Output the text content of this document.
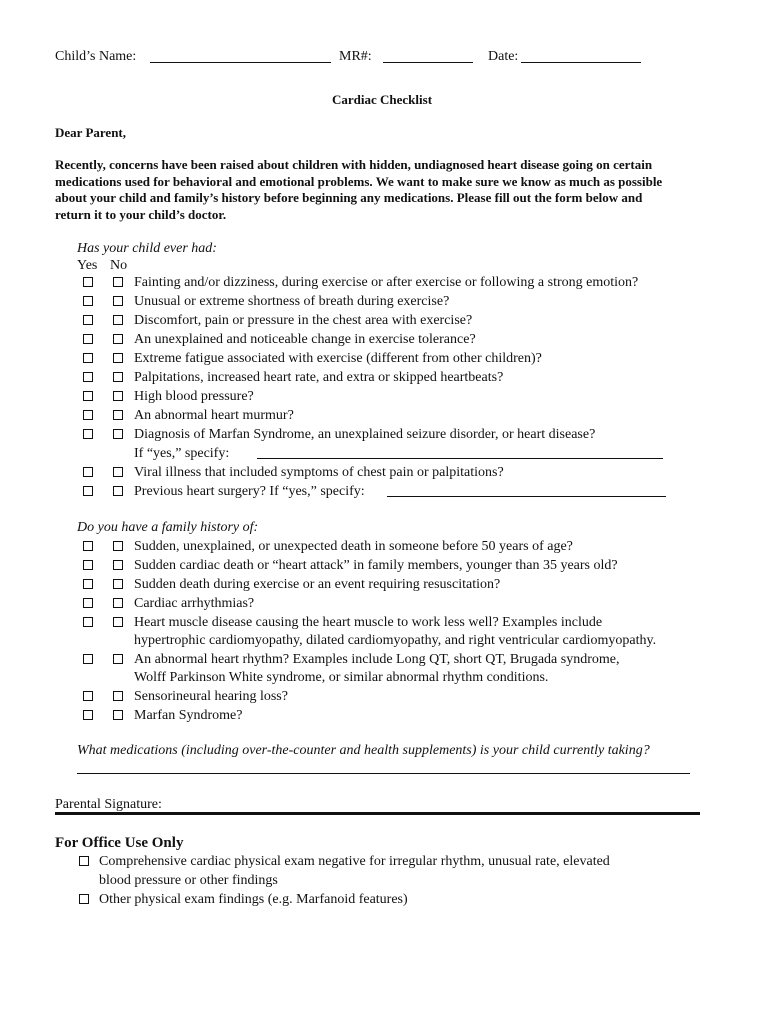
Child’s Name:	MR#:	Date:
Cardiac Checklist
Dear Parent,
Recently, concerns have been raised about children with hidden, undiagnosed heart disease going on certain
medications used for behavioral and emotional problems. We want to make sure we know as much as possible
about your child and family’s history before beginning any medications. Please fill out the form below and
return it to your child’s doctor.
Has your child ever had:
Yes No
Fainting and/or dizziness, during exercise or after exercise or following a strong emotion?
Unusual or extreme shortness of breath during exercise?
Discomfort, pain or pressure in the chest area with exercise?
An unexplained and noticeable change in exercise tolerance?
Extreme fatigue associated with exercise (different from other children)?
Palpitations, increased heart rate, and extra or skipped heartbeats?
High blood pressure?
An abnormal heart murmur?
Diagnosis of Marfan Syndrome, an unexplained seizure disorder, or heart disease?
If “yes,” specify:
Viral illness that included symptoms of chest pain or palpitations?
Previous heart surgery? If “yes,” specify:
Do you have a family history of:
Sudden, unexplained, or unexpected death in someone before 50 years of age?
Sudden cardiac death or “heart attack” in family members, younger than 35 years old?
Sudden death during exercise or an event requiring resuscitation?
Cardiac arrhythmias?
Heart muscle disease causing the heart muscle to work less well? Examples include
hypertrophic cardiomyopathy, dilated cardiomyopathy, and right ventricular cardiomyopathy.
An abnormal heart rhythm? Examples include Long QT, short QT, Brugada syndrome,
Wolff Parkinson White syndrome, or similar abnormal rhythm conditions.
Sensorineural hearing loss?
Marfan Syndrome?
What medications (including over-the-counter and health supplements) is your child currently taking?
Parental Signature:
For Office Use Only
Comprehensive cardiac physical exam negative for irregular rhythm, unusual rate, elevated
blood pressure or other findings
Other physical exam findings (e.g. Marfanoid features)
